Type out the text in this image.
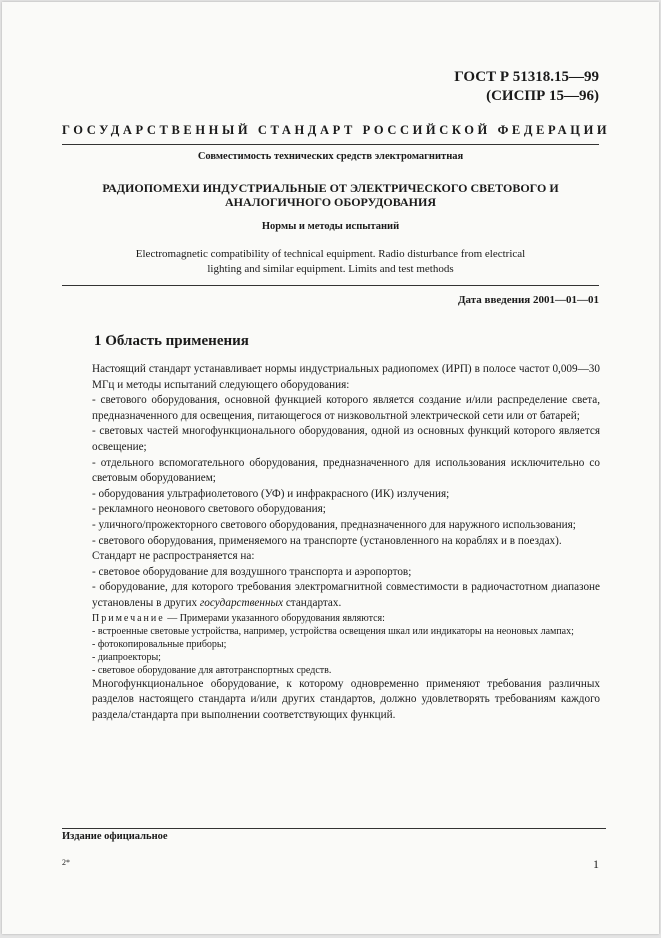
ГОСТ Р 51318.15—99
(СИСПР 15—96)
ГОСУДАРСТВЕННЫЙ СТАНДАРТ РОССИЙСКОЙ ФЕДЕРАЦИИ
Совместимость технических средств электромагнитная
РАДИОПОМЕХИ ИНДУСТРИАЛЬНЫЕ ОТ ЭЛЕКТРИЧЕСКОГО СВЕТОВОГО И
АНАЛОГИЧНОГО ОБОРУДОВАНИЯ
Нормы и методы испытаний
Electromagnetic compatibility of technical equipment. Radio disturbance from electrical
lighting and similar equipment. Limits and test methods
Дата введения 2001—01—01
1 Область применения

Настоящий стандарт устанавливает нормы индустриальных радиопомех (ИРП) в полосе частот 0,009—30 МГц и методы испытаний следующего оборудования:

- светового оборудования, основной функцией которого является создание и/или распределение света, предназначенного для освещения, питающегося от низковольтной электрической сети или от батарей;

- световых частей многофункционального оборудования, одной из основных функций которого является освещение;

- отдельного вспомогательного оборудования, предназначенного для использования исключительно со световым оборудованием;

- оборудования ультрафиолетового (УФ) и инфракрасного (ИК) излучения;

- рекламного неонового светового оборудования;

- уличного/прожекторного светового оборудования, предназначенного для наружного использования;

- светового оборудования, применяемого на транспорте (установленного на кораблях и в поездах).

Стандарт не распространяется на:

- световое оборудование для воздушного транспорта и аэропортов;

- оборудование, для которого требования электромагнитной совместимости в радиочастотном диапазоне установлены в других государственных стандартах.

Примечание — Примерами указанного оборудования являются:

- встроенные световые устройства, например, устройства освещения шкал или индикаторы на неоновых лампах;

- фотокопировальные приборы;

- диапроекторы;

- световое оборудование для автотранспортных средств.

Многофункциональное оборудование, к которому одновременно применяют требования различных разделов настоящего стандарта и/или других стандартов, должно удовлетворять требованиям каждого раздела/стандарта при выполнении соответствующих функций.

Издание официальное
2*	1
